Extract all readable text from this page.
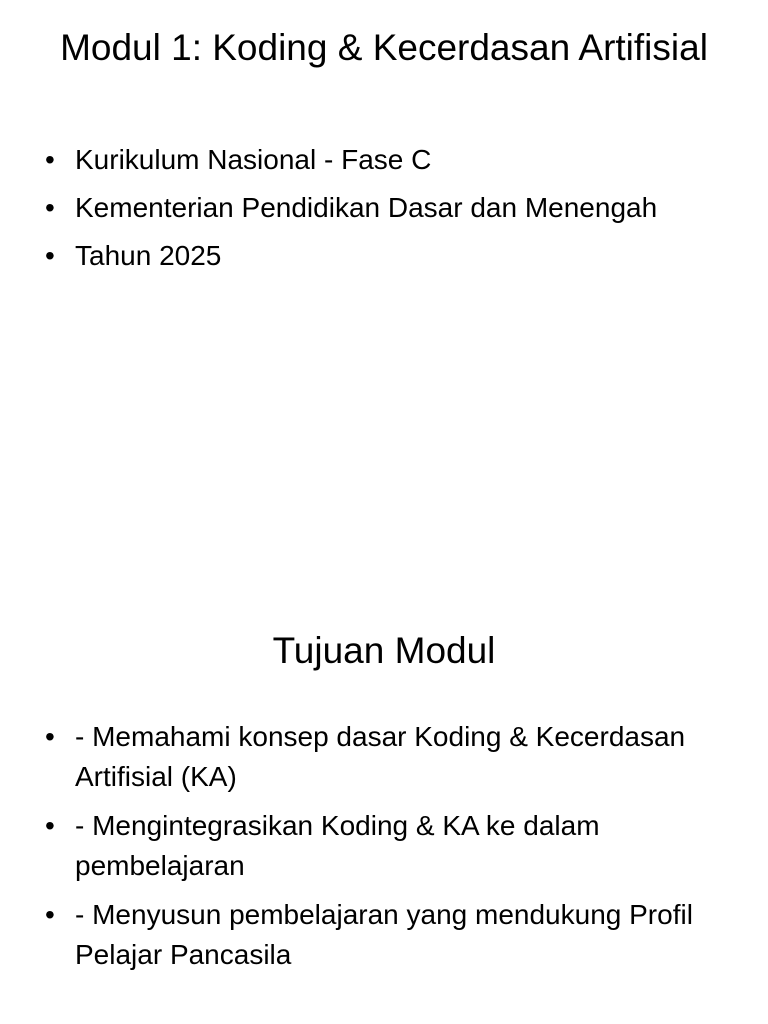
Modul 1: Koding & Kecerdasan Artifisial
• Kurikulum Nasional - Fase C
• Kementerian Pendidikan Dasar dan Menengah
• Tahun 2025
Tujuan Modul
• - Memahami konsep dasar Koding & Kecerdasan Artifisial (KA)
• - Mengintegrasikan Koding & KA ke dalam pembelajaran
• - Menyusun pembelajaran yang mendukung Profil Pelajar Pancasila
